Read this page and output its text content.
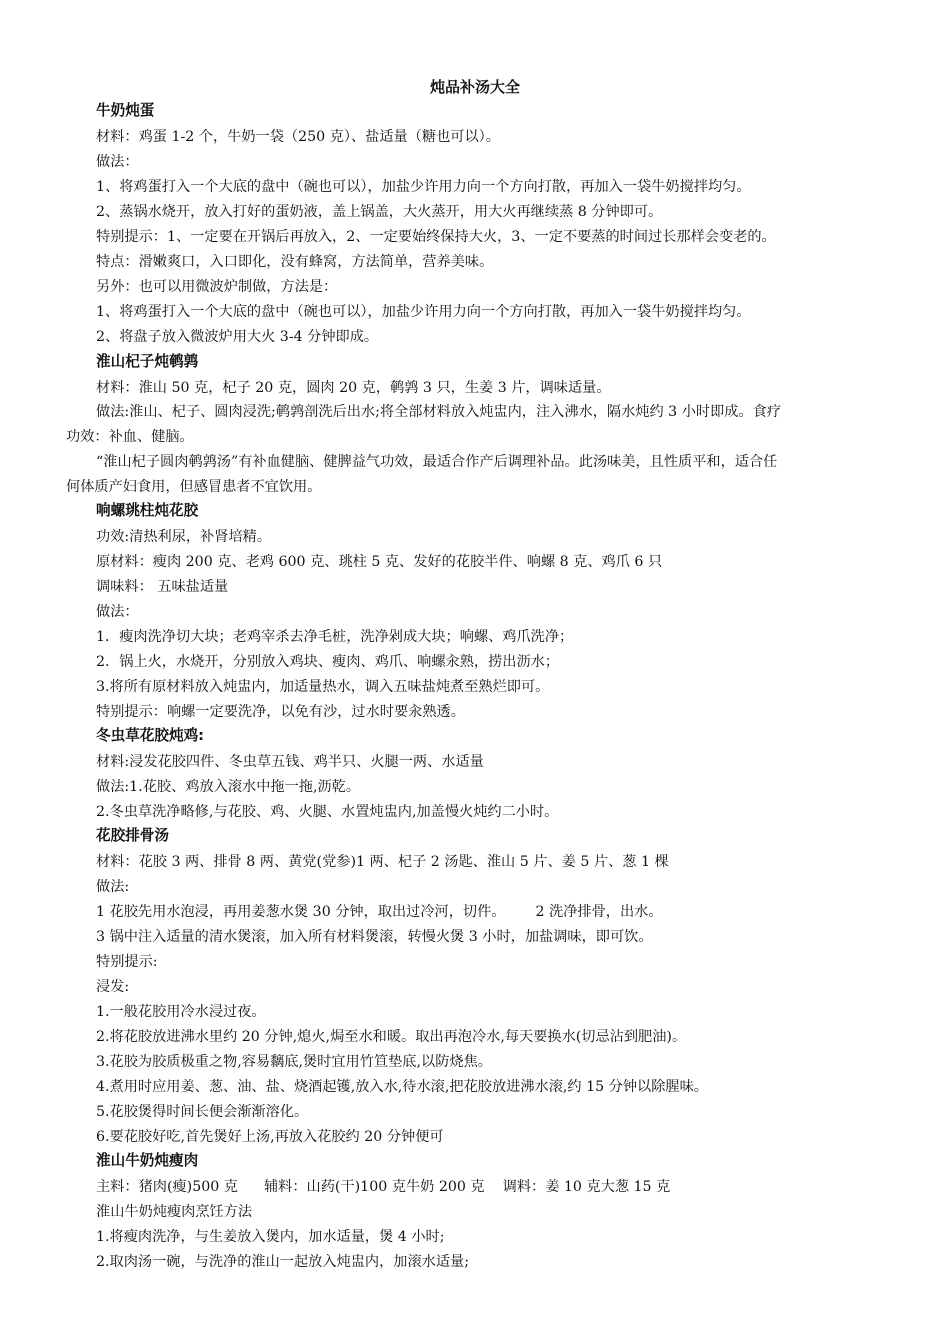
炖品补汤大全
牛奶炖蛋
材料：鸡蛋 1-2 个，牛奶一袋（250 克）、盐适量（糖也可以）。
做法：
1、将鸡蛋打入一个大底的盘中（碗也可以），加盐少许用力向一个方向打散，再加入一袋牛奶搅拌均匀。
2、蒸锅水烧开，放入打好的蛋奶液，盖上锅盖，大火蒸开，用大火再继续蒸 8 分钟即可。
特别提示：1、一定要在开锅后再放入，2、一定要始终保持大火，3、一定不要蒸的时间过长那样会变老的。
特点：滑嫩爽口，入口即化，没有蜂窝，方法简单，营养美味。
另外：也可以用微波炉制做，方法是：
1、将鸡蛋打入一个大底的盘中（碗也可以），加盐少许用力向一个方向打散，再加入一袋牛奶搅拌均匀。
2、将盘子放入微波炉用大火 3-4 分钟即成。
淮山杞子炖鹌鹑
材料：淮山 50 克，杞子 20 克，圆肉 20 克，鹌鹑 3 只，生姜 3 片，调味适量。
做法:淮山、杞子、圆肉浸洗;鹌鹑剖洗后出水;将全部材料放入炖盅内，注入沸水，隔水炖约 3 小时即成。食疗
功效：补血、健脑。
“淮山杞子圆肉鹌鹑汤”有补血健脑、健脾益气功效，最适合作产后调理补品。此汤味美，且性质平和，适合任
何体质产妇食用，但感冒患者不宜饮用。
响螺珧柱炖花胶
功效:清热利尿，补肾培精。
原材料：瘦肉 200 克、老鸡 600 克、珧柱 5 克、发好的花胶半件、响螺 8 克、鸡爪 6 只
调味料： 五味盐适量
做法：
1．瘦肉洗净切大块；老鸡宰杀去净毛桩，洗净剁成大块；响螺、鸡爪洗净；
2．锅上火，水烧开，分别放入鸡块、瘦肉、鸡爪、响螺汆熟，捞出沥水；
3.将所有原材料放入炖盅内，加适量热水，调入五味盐炖煮至熟烂即可。
特别提示：响螺一定要洗净，以免有沙，过水时要汆熟透。
冬虫草花胶炖鸡:
材料:浸发花胶四件、冬虫草五钱、鸡半只、火腿一两、水适量
做法:1.花胶、鸡放入滚水中拖一拖,沥乾。
2.冬虫草洗净略修,与花胶、鸡、火腿、水置炖盅内,加盖慢火炖约二小时。
花胶排骨汤
材料：花胶 3 两、排骨 8 两、黄党(党参)1 两、杞子 2 汤匙、淮山 5 片、姜 5 片、葱 1 棵
做法:
1 花胶先用水泡浸，再用姜葱水煲 30 分钟，取出过冷河，切件。 2 洗净排骨，出水。
3 锅中注入适量的清水煲滚，加入所有材料煲滚，转慢火煲 3 小时，加盐调味，即可饮。
特别提示:
浸发:
1.一般花胶用冷水浸过夜。
2.将花胶放进沸水里约 20 分钟,熄火,焗至水和暖。取出再泡冷水,每天要换水(切忌沾到肥油)。
3.花胶为胶质极重之物,容易黐底,煲时宜用竹笪垫底,以防烧焦。
4.煮用时应用姜、葱、油、盐、烧酒起镬,放入水,待水滚,把花胶放进沸水滚,约 15 分钟以除腥味。
5.花胶煲得时间长便会渐渐溶化。
6.要花胶好吃,首先煲好上汤,再放入花胶约 20 分钟便可
淮山牛奶炖瘦肉
主料：猪肉(瘦)500 克 辅料：山药(干)100 克牛奶 200 克 调料：姜 10 克大葱 15 克
淮山牛奶炖瘦肉烹饪方法
1.将瘦肉洗净，与生姜放入煲内，加水适量，煲 4 小时;
2.取肉汤一碗，与洗净的淮山一起放入炖盅内，加滚水适量;
